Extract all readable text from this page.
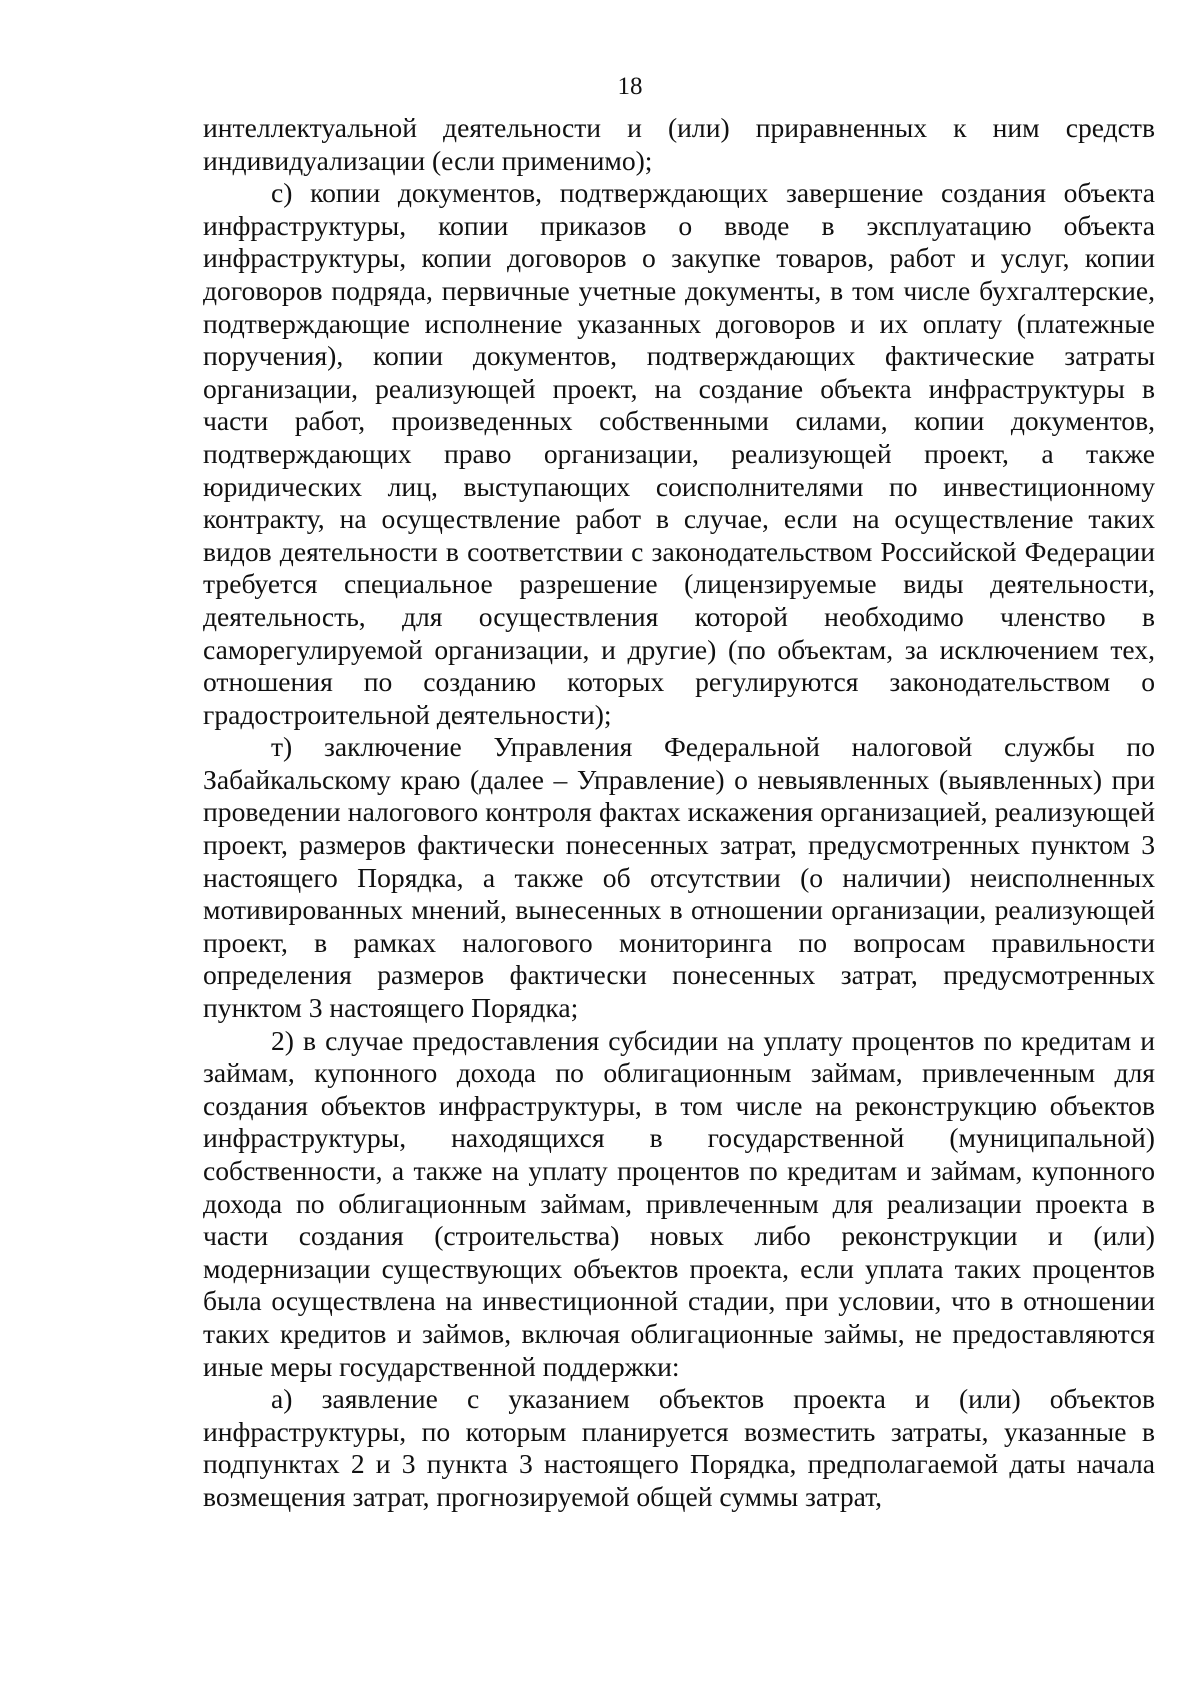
18

интеллектуальной деятельности и (или) приравненных к ним средств индивидуализации (если применимо);

с) копии документов, подтверждающих завершение создания объекта инфраструктуры, копии приказов о вводе в эксплуатацию объекта инфраструктуры, копии договоров о закупке товаров, работ и услуг, копии договоров подряда, первичные учетные документы, в том числе бухгалтерские, подтверждающие исполнение указанных договоров и их оплату (платежные поручения), копии документов, подтверждающих фактические затраты организации, реализующей проект, на создание объекта инфраструктуры в части работ, произведенных собственными силами, копии документов, подтверждающих право организации, реализующей проект, а также юридических лиц, выступающих соисполнителями по инвестиционному контракту, на осуществление работ в случае, если на осуществление таких видов деятельности в соответствии с законодательством Российской Федерации требуется специальное разрешение (лицензируемые виды деятельности, деятельность, для осуществления которой необходимо членство в саморегулируемой организации, и другие) (по объектам, за исключением тех, отношения по созданию которых регулируются законодательством о градостроительной деятельности);

т) заключение Управления Федеральной налоговой службы по Забайкальскому краю (далее – Управление) о невыявленных (выявленных) при проведении налогового контроля фактах искажения организацией, реализующей проект, размеров фактически понесенных затрат, предусмотренных пунктом 3 настоящего Порядка, а также об отсутствии (о наличии) неисполненных мотивированных мнений, вынесенных в отношении организации, реализующей проект, в рамках налогового мониторинга по вопросам правильности определения размеров фактически понесенных затрат, предусмотренных пунктом 3 настоящего Порядка;

2) в случае предоставления субсидии на уплату процентов по кредитам и займам, купонного дохода по облигационным займам, привлеченным для создания объектов инфраструктуры, в том числе на реконструкцию объектов инфраструктуры, находящихся в государственной (муниципальной) собственности, а также на уплату процентов по кредитам и займам, купонного дохода по облигационным займам, привлеченным для реализации проекта в части создания (строительства) новых либо реконструкции и (или) модернизации существующих объектов проекта, если уплата таких процентов была осуществлена на инвестиционной стадии, при условии, что в отношении таких кредитов и займов, включая облигационные займы, не предоставляются иные меры государственной поддержки:

а) заявление с указанием объектов проекта и (или) объектов инфраструктуры, по которым планируется возместить затраты, указанные в подпунктах 2 и 3 пункта 3 настоящего Порядка, предполагаемой даты начала возмещения затрат, прогнозируемой общей суммы затрат,
